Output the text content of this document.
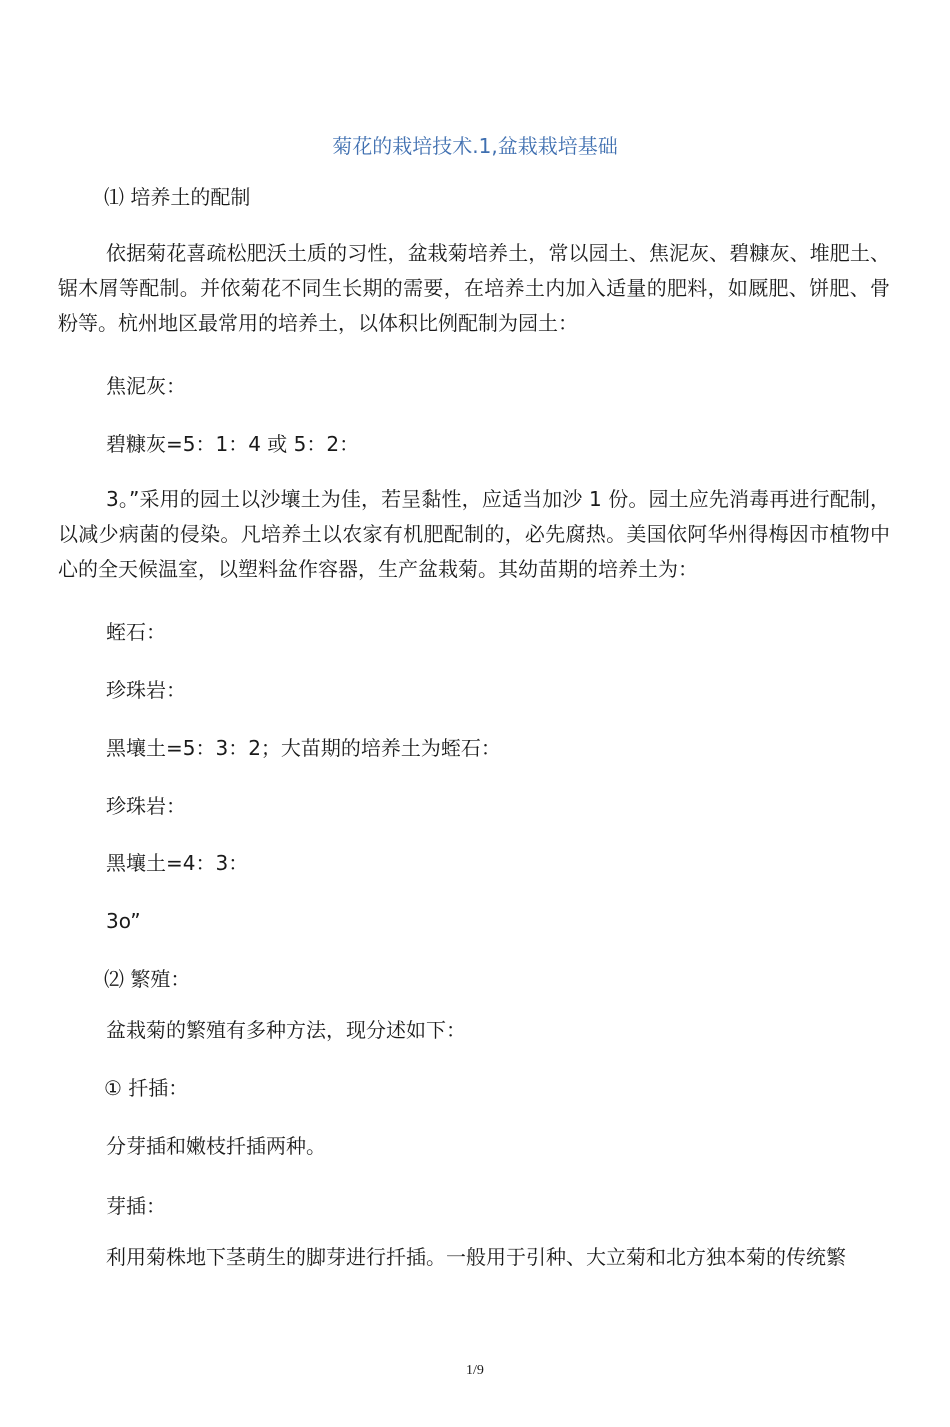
菊花的栽培技术.1,盆栽栽培基础
⑴ 培养土的配制
依据菊花喜疏松肥沃土质的习性，盆栽菊培养土，常以园土、焦泥灰、碧糠灰、堆肥土、锯木屑等配制。并依菊花不同生长期的需要，在培养土内加入适量的肥料，如厩肥、饼肥、骨粉等。杭州地区最常用的培养土，以体积比例配制为园土：
焦泥灰：
碧糠灰=5：1：4 或 5：2：
3。”采用的园土以沙壤土为佳，若呈黏性，应适当加沙 1 份。园土应先消毒再进行配制，以减少病菌的侵染。凡培养土以农家有机肥配制的，必先腐热。美国依阿华州得梅因市植物中心的全天候温室，以塑料盆作容器，生产盆栽菊。其幼苗期的培养土为：
蛭石：
珍珠岩：
黑壤土=5：3：2；大苗期的培养土为蛭石：
珍珠岩：
黑壤土=4：3：
3o”
⑵ 繁殖：
盆栽菊的繁殖有多种方法，现分述如下：
① 扦插：
分芽插和嫩枝扦插两种。
芽插：
利用菊株地下茎萌生的脚芽进行扦插。一般用于引种、大立菊和北方独本菊的传统繁
1/9
